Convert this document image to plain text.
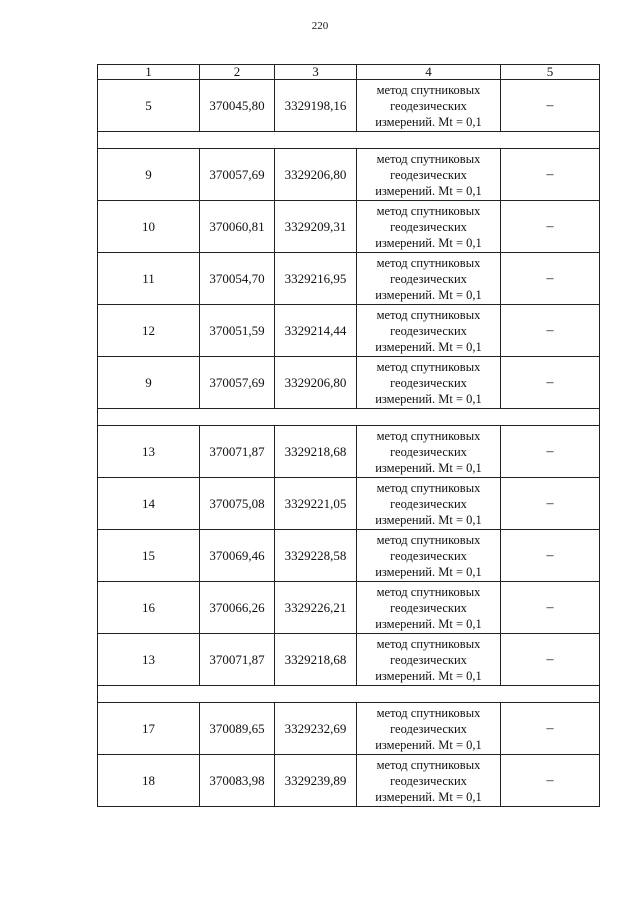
220
1	2	3	4	5
5	370045,80	3329198,16	метод спутниковых
геодезических
измерений. Mt = 0,1	–

9	370057,69	3329206,80	метод спутниковых
геодезических
измерений. Mt = 0,1	–
10	370060,81	3329209,31	метод спутниковых
геодезических
измерений. Mt = 0,1	–
11	370054,70	3329216,95	метод спутниковых
геодезических
измерений. Mt = 0,1	–
12	370051,59	3329214,44	метод спутниковых
геодезических
измерений. Mt = 0,1	–
9	370057,69	3329206,80	метод спутниковых
геодезических
измерений. Mt = 0,1	–

13	370071,87	3329218,68	метод спутниковых
геодезических
измерений. Mt = 0,1	–
14	370075,08	3329221,05	метод спутниковых
геодезических
измерений. Mt = 0,1	–
15	370069,46	3329228,58	метод спутниковых
геодезических
измерений. Mt = 0,1	–
16	370066,26	3329226,21	метод спутниковых
геодезических
измерений. Mt = 0,1	–
13	370071,87	3329218,68	метод спутниковых
геодезических
измерений. Mt = 0,1	–

17	370089,65	3329232,69	метод спутниковых
геодезических
измерений. Mt = 0,1	–
18	370083,98	3329239,89	метод спутниковых
геодезических
измерений. Mt = 0,1	–
